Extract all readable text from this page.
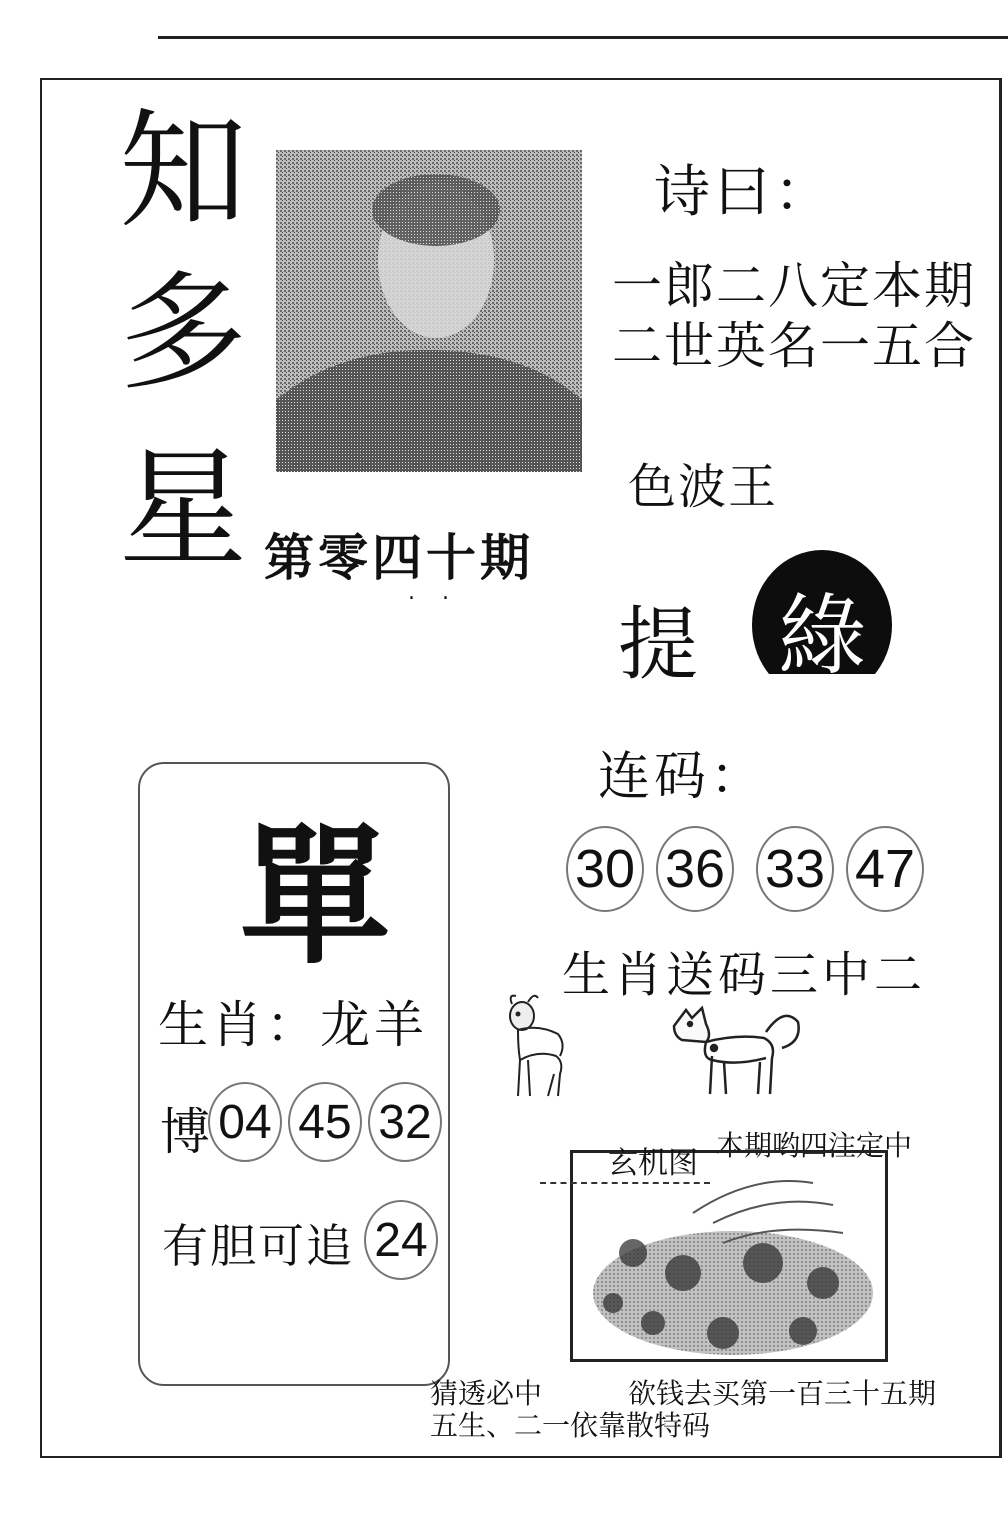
知
多
星 第零四十期
. .
诗曰：
一郎二八定本期
二世英名一五合
色波王
提 綠
连码：
30 36 33 47
生肖送码三中二
單
生肖：龙羊
博 04 45 32
有胆可追 24
本期哟四注定中
玄机图
猜透必中	欲钱去买第一百三十五期
五生、二一依靠散特码
